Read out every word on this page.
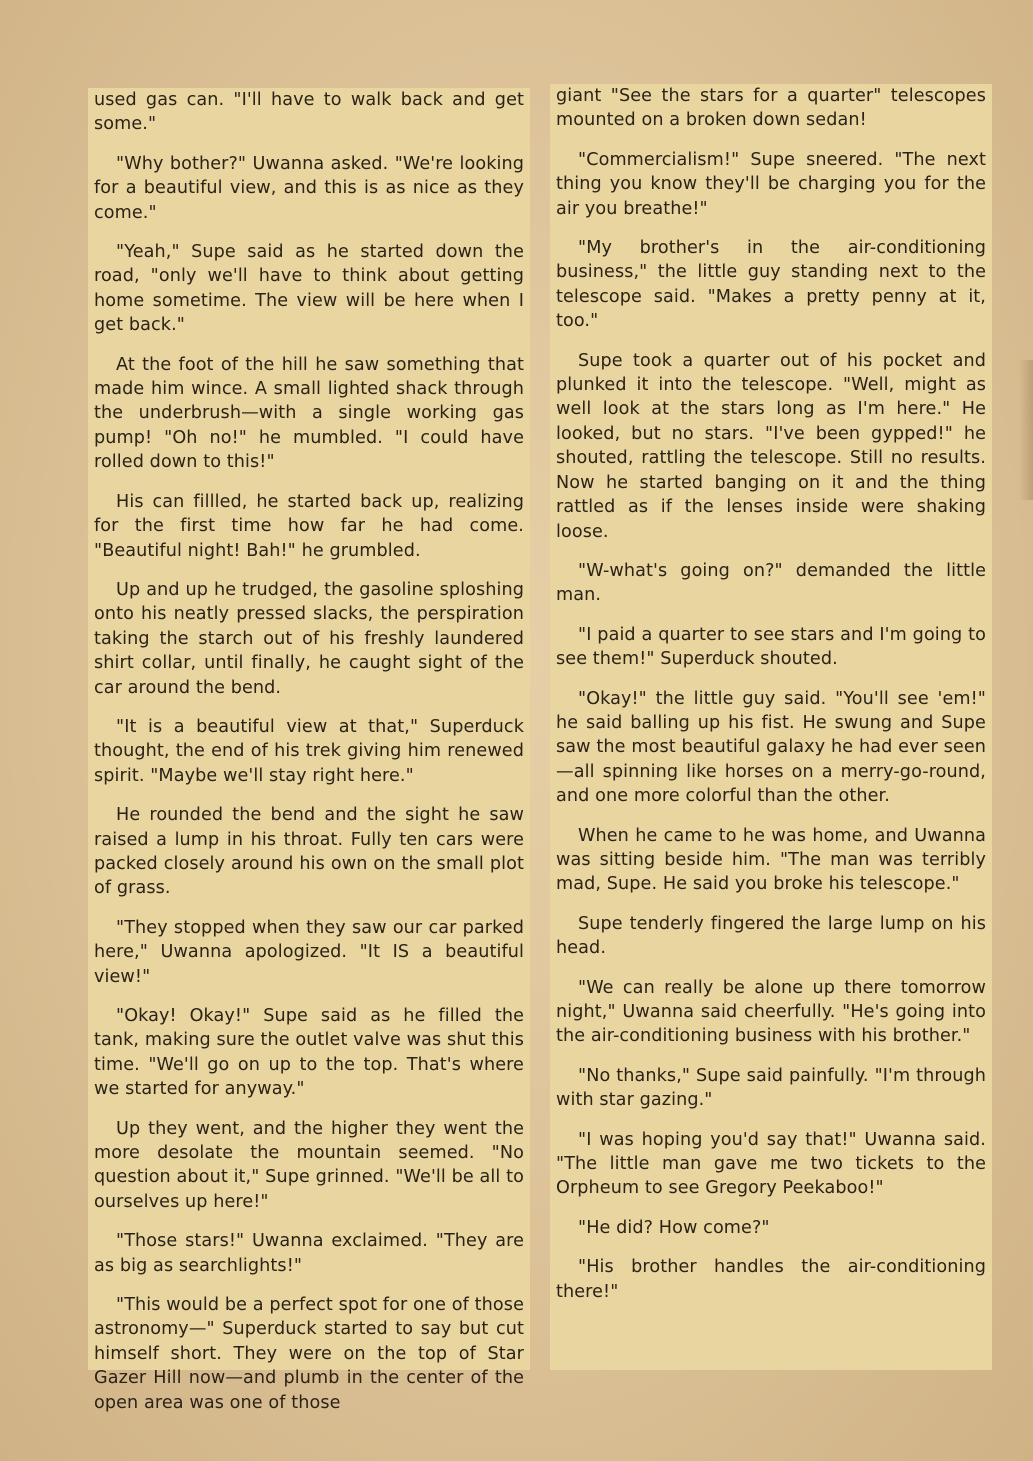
used gas can. "I'll have to walk back and get some."

"Why bother?" Uwanna asked. "We're looking for a beautiful view, and this is as nice as they come."

"Yeah," Supe said as he started down the road, "only we'll have to think about getting home sometime. The view will be here when I get back."

At the foot of the hill he saw something that made him wince. A small lighted shack through the underbrush—with a single working gas pump! "Oh no!" he mumbled. "I could have rolled down to this!"

His can fillled, he started back up, realizing for the first time how far he had come. "Beautiful night! Bah!" he grumbled.

Up and up he trudged, the gasoline sploshing onto his neatly pressed slacks, the perspiration taking the starch out of his freshly laundered shirt collar, until finally, he caught sight of the car around the bend.

"It is a beautiful view at that," Superduck thought, the end of his trek giving him renewed spirit. "Maybe we'll stay right here."

He rounded the bend and the sight he saw raised a lump in his throat. Fully ten cars were packed closely around his own on the small plot of grass.

"They stopped when they saw our car parked here," Uwanna apologized. "It IS a beautiful view!"

"Okay! Okay!" Supe said as he filled the tank, making sure the outlet valve was shut this time. "We'll go on up to the top. That's where we started for anyway."

Up they went, and the higher they went the more desolate the mountain seemed. "No question about it," Supe grinned. "We'll be all to ourselves up here!"

"Those stars!" Uwanna exclaimed. "They are as big as searchlights!"

"This would be a perfect spot for one of those astronomy—" Superduck started to say but cut himself short. They were on the top of Star Gazer Hill now—and plumb in the center of the open area was one of those

giant "See the stars for a quarter" telescopes mounted on a broken down sedan!

"Commercialism!" Supe sneered. "The next thing you know they'll be charging you for the air you breathe!"

"My brother's in the air-conditioning business," the little guy standing next to the telescope said. "Makes a pretty penny at it, too."

Supe took a quarter out of his pocket and plunked it into the telescope. "Well, might as well look at the stars long as I'm here." He looked, but no stars. "I've been gypped!" he shouted, rattling the telescope. Still no results. Now he started banging on it and the thing rattled as if the lenses inside were shaking loose.

"W-what's going on?" demanded the little man.

"I paid a quarter to see stars and I'm going to see them!" Superduck shouted.

"Okay!" the little guy said. "You'll see 'em!" he said balling up his fist. He swung and Supe saw the most beautiful galaxy he had ever seen—all spinning like horses on a merry-go-round, and one more colorful than the other.

When he came to he was home, and Uwanna was sitting beside him. "The man was terribly mad, Supe. He said you broke his telescope."

Supe tenderly fingered the large lump on his head.

"We can really be alone up there tomorrow night," Uwanna said cheerfully. "He's going into the air-conditioning business with his brother."

"No thanks," Supe said painfully. "I'm through with star gazing."

"I was hoping you'd say that!" Uwanna said. "The little man gave me two tickets to the Orpheum to see Gregory Peekaboo!"

"He did? How come?"

"His brother handles the air-conditioning there!"
